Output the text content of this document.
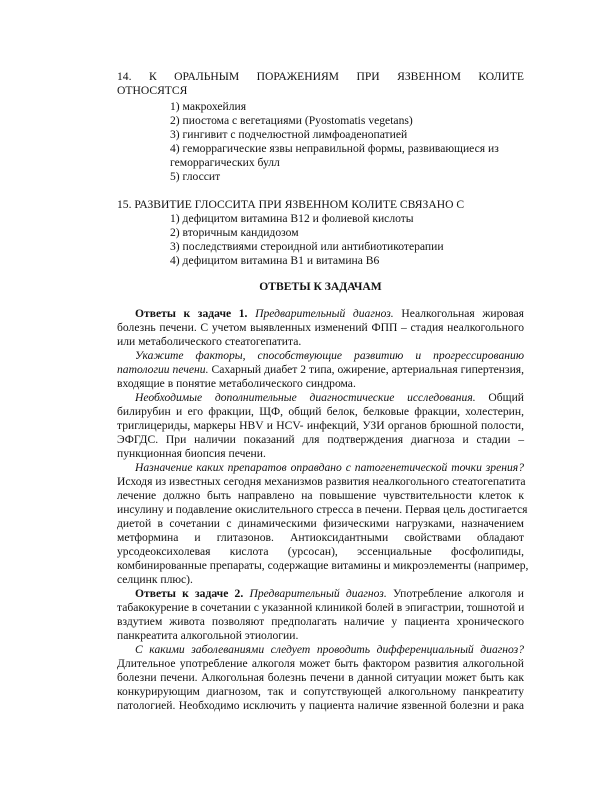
14. К ОРАЛЬНЫМ ПОРАЖЕНИЯМ ПРИ ЯЗВЕННОМ КОЛИТЕ
ОТНОСЯТСЯ
1) макрохейлия
2) пиостома с вегетациями (Pyostomatis vegetans)
3) гингивит с подчелюстной лимфоаденопатией
4) геморрагические язвы неправильной формы, развивающиеся из
геморрагических булл
5) глоссит
15. РАЗВИТИЕ ГЛОССИТА ПРИ ЯЗВЕННОМ КОЛИТЕ СВЯЗАНО С
1) дефицитом витамина В12 и фолиевой кислоты
2) вторичным кандидозом
3) последствиями стероидной или антибиотикотерапии
4) дефицитом витамина В1 и витамина В6
ОТВЕТЫ К ЗАДАЧАМ
Ответы к задаче 1. Предварительный диагноз. Неалкогольная жировая
болезнь печени. С учетом выявленных изменений ФПП – стадия неалкогольного
или метаболического стеатогепатита.
Укажите факторы, способствующие развитию и прогрессированию
патологии печени. Сахарный диабет 2 типа, ожирение, артериальная гипертензия,
входящие в понятие метаболического синдрома.
Необходимые дополнительные диагностические исследования. Общий
билирубин и его фракции, ЩФ, общий белок, белковые фракции, холестерин,
триглицериды, маркеры HBV и HCV- инфекций, УЗИ органов брюшной полости,
ЭФГДС. При наличии показаний для подтверждения диагноза и стадии –
пункционная биопсия печени.
Назначение каких препаратов оправдано с патогенетической точки зрения?
Исходя из известных сегодня механизмов развития неалкогольного стеатогепатита
лечение должно быть направлено на повышение чувствительности клеток к
инсулину и подавление окислительного стресса в печени. Первая цель достигается
диетой в сочетании с динамическими физическими нагрузками, назначением
метформина и глитазонов. Антиоксидантными свойствами обладают
урсодеоксихолевая кислота (урсосан), эссенциальные фосфолипиды,
комбинированные препараты, содержащие витамины и микроэлементы (например,
селцинк плюс).
Ответы к задаче 2. Предварительный диагноз. Употребление алкоголя и
табакокурение в сочетании с указанной клиникой болей в эпигастрии, тошнотой и
вздутием живота позволяют предполагать наличие у пациента хронического
панкреатита алкогольной этиологии.
С какими заболеваниями следует проводить дифференциальный диагноз?
Длительное употребление алкоголя может быть фактором развития алкогольной
болезни печени. Алкогольная болезнь печени в данной ситуации может быть как
конкурирующим диагнозом, так и сопутствующей алкогольному панкреатиту
патологией. Необходимо исключить у пациента наличие язвенной болезни и рака
